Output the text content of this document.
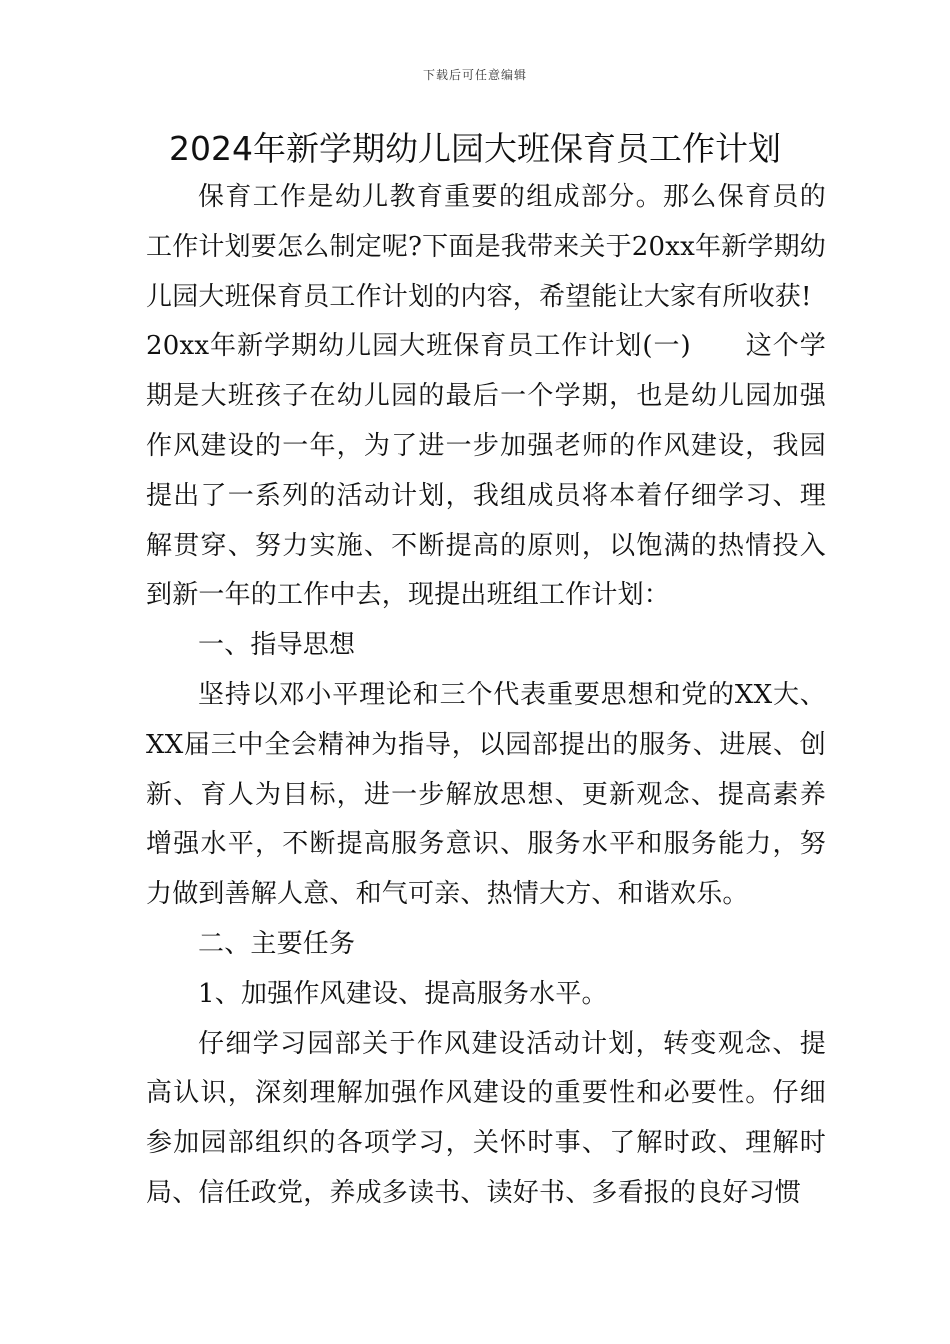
下载后可任意编辑
2024年新学期幼儿园大班保育员工作计划

保育工作是幼儿教育重要的组成部分。那么保育员的工作计划要怎么制定呢?下面是我带来关于20xx年新学期幼儿园大班保育员工作计划的内容，希望能让大家有所收获!

20xx年新学期幼儿园大班保育员工作计划(一)　　这个学期是大班孩子在幼儿园的最后一个学期，也是幼儿园加强作风建设的一年，为了进一步加强老师的作风建设，我园提出了一系列的活动计划，我组成员将本着仔细学习、理解贯穿、努力实施、不断提高的原则，以饱满的热情投入到新一年的工作中去，现提出班组工作计划：

一、指导思想

坚持以邓小平理论和三个代表重要思想和党的XX大、XX届三中全会精神为指导，以园部提出的服务、进展、创新、育人为目标，进一步解放思想、更新观念、提高素养增强水平，不断提高服务意识、服务水平和服务能力，努力做到善解人意、和气可亲、热情大方、和谐欢乐。

二、主要任务

1、加强作风建设、提高服务水平。

仔细学习园部关于作风建设活动计划，转变观念、提高认识，深刻理解加强作风建设的重要性和必要性。仔细参加园部组织的各项学习，关怀时事、了解时政、理解时局、信任政党，养成多读书、读好书、多看报的良好习惯
